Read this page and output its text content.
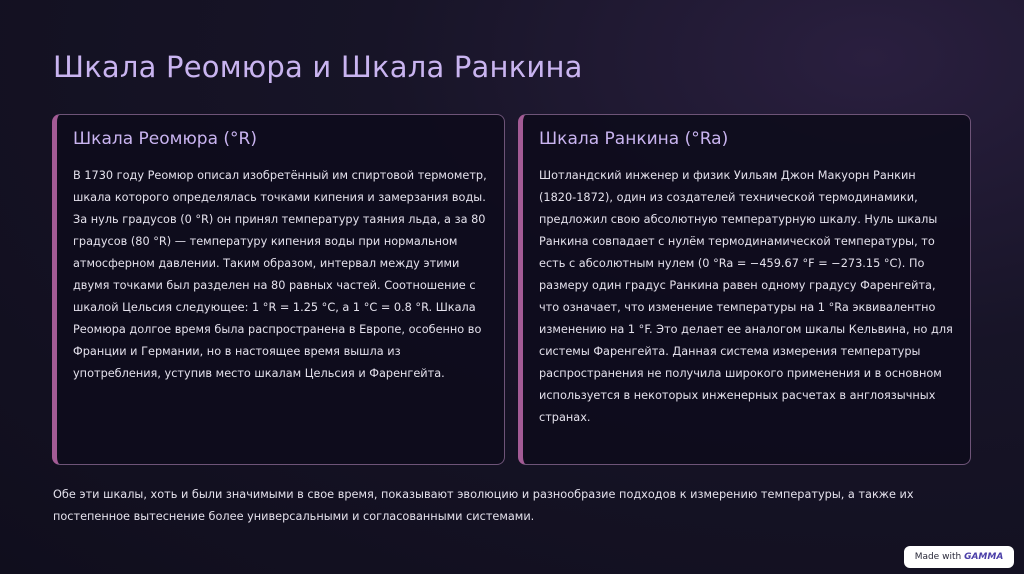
Шкала Реомюра и Шкала Ранкина
Шкала Реомюра (°R)

В 1730 году Реомюр описал изобретённый им спиртовой термометр, шкала которого определялась точками кипения и замерзания воды. За нуль градусов (0 °R) он принял температуру таяния льда, а за 80 градусов (80 °R) — температуру кипения воды при нормальном атмосферном давлении. Таким образом, интервал между этими двумя точками был разделен на 80 равных частей. Соотношение с шкалой Цельсия следующее: 1 °R = 1.25 °C, а 1 °C = 0.8 °R. Шкала Реомюра долгое время была распространена в Европе, особенно во Франции и Германии, но в настоящее время вышла из употребления, уступив место шкалам Цельсия и Фаренгейта.

Шкала Ранкина (°Ra)

Шотландский инженер и физик Уильям Джон Макуорн Ранкин (1820-1872), один из создателей технической термодинамики, предложил свою абсолютную температурную шкалу. Нуль шкалы Ранкина совпадает с нулём термодинамической температуры, то есть с абсолютным нулем (0 °Ra = −459.67 °F = −273.15 °C). По размеру один градус Ранкина равен одному градусу Фаренгейта, что означает, что изменение температуры на 1 °Ra эквивалентно изменению на 1 °F. Это делает ее аналогом шкалы Кельвина, но для системы Фаренгейта. Данная система измерения температуры распространения не получила широкого применения и в основном используется в некоторых инженерных расчетах в англоязычных странах.

Обе эти шкалы, хоть и были значимыми в свое время, показывают эволюцию и разнообразие подходов к измерению температуры, а также их постепенное вытеснение более универсальными и согласованными системами.

Made with GAMMA
